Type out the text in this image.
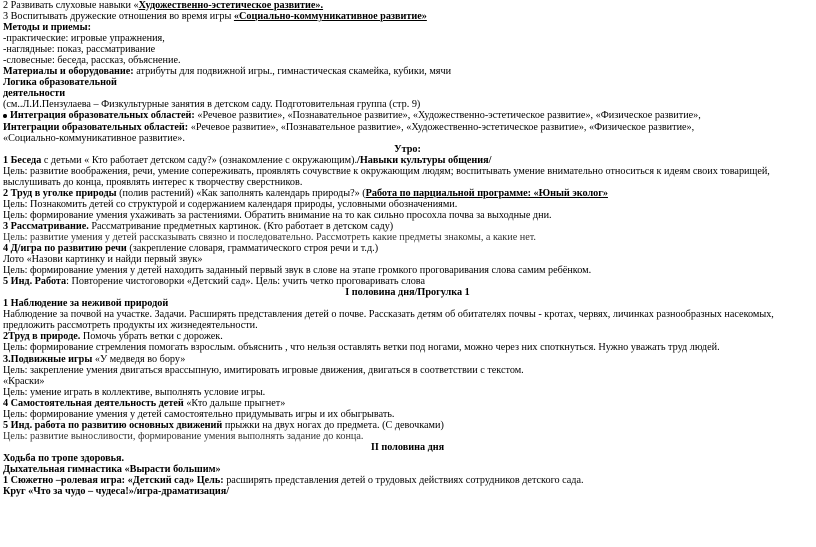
2 Развивать слуховые навыки «Художественно-эстетическое развитие».
3 Воспитывать дружеские отношения во время игры «Социально-коммуникативное развитие»
Методы и приемы:
-практические: игровые упражнения,
-наглядные: показ, рассматривание
-словесные: беседа, рассказ, объяснение.
Материалы и оборудование: атрибуты для подвижной игры., гимнастическая скамейка, кубики, мячи
Логика образовательной
деятельности
(см..Л.И.Пензулаева – Физкультурные занятия в детском саду. Подготовительная группа (стр. 9)
Интеграция образовательных областей: «Речевое развитие», «Познавательное развитие», «Художественно-эстетическое развитие», «Физическое развитие»,
Интеграции образовательных областей: «Речевое развитие», «Познавательное развитие», «Художественно-эстетическое развитие», «Физическое развитие»,
«Социально-коммуникативное развитие».
Утро:
1 Беседа с детьми « Кто работает детском саду?» (ознакомление с окружающим)./Навыки культуры общения/
Цель: развитие воображения, речи, умение сопереживать, проявлять сочувствие к окружающим людям; воспитывать умение внимательно относиться к идеям своих товарищей, выслушивать до конца, проявлять интерес к творчеству сверстников.
2 Труд в уголке природы (полив растений) «Как заполнять календарь природы?» (Работа по парциальной программе: «Юный эколог»
Цель: Познакомить детей со структурой и содержанием календаря природы, условными обозначениями.
Цель: формирование умения ухаживать за растениями. Обратить внимание на то как сильно просохла почва за выходные дни.
3 Рассматривание. Рассматривание предметных картинок. (Кто работает в детском саду)
Цель: развитие умения у детей рассказывать связно и последовательно. Рассмотреть какие предметы знакомы, а какие нет.
4 Д/игра по развитию речи (закрепление словаря, грамматического строя речи и т.д.)
Лото «Назови картинку и найди первый звук»
Цель: формирование умения у детей находить заданный первый звук в слове на этапе громкого проговаривания слова самим ребёнком.
5 Инд. Работа: Повторение чистоговорки «Детский сад». Цель: учить четко проговаривать слова
I половина дня/Прогулка 1
1 Наблюдение за неживой природой
Наблюдение за почвой на участке. Задачи. Расширять представления детей о почве. Рассказать детям об обитателях почвы - кротах, червях, личинках разнообразных насекомых, предложить рассмотреть продукты их жизнедеятельности.
2Труд в природе. Помочь убрать ветки с дорожек.
Цель: формирование стремления помогать взрослым. объяснить , что нельзя оставлять ветки под ногами, можно через них споткнуться. Нужно уважать труд людей.
3.Подвижные игры «У медведя во бору»
Цель: закрепление умения двигаться врассыпную, имитировать игровые движения, двигаться в соответствии с текстом.
«Краски»
Цель: умение играть в коллективе, выполнять условие игры.
4 Самостоятельная деятельность детей «Кто дальше прыгнет»
Цель: формирование умения у детей самостоятельно придумывать игры и их обыгрывать.
5 Инд. работа по развитию основных движений прыжки на двух ногах до предмета. (С девочками)
Цель: развитие выносливости, формирование умения выполнять задание до конца.
II половина дня
Ходьба по тропе здоровья.
Дыхательная гимнастика «Вырасти большим»
1 Сюжетно –ролевая игра: «Детский сад» Цель: расширять представления детей о трудовых действиях сотрудников детского сада.
Круг «Что за чудо – чудеса!»/игра-драматизация/
